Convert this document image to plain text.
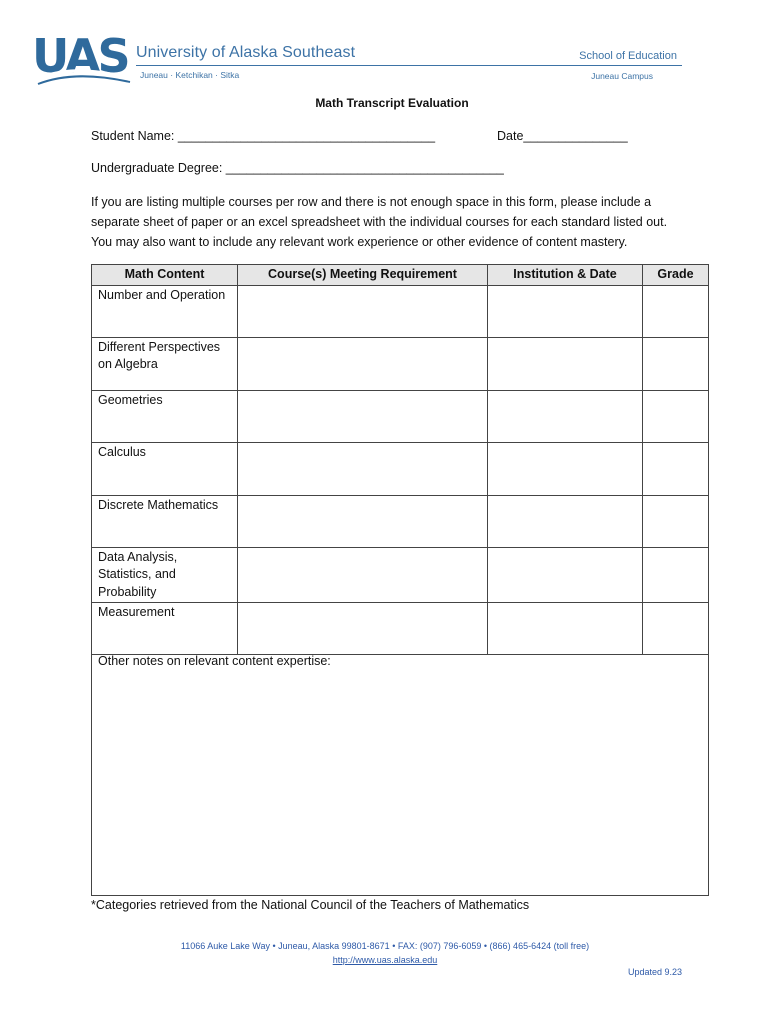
UAS University of Alaska Southeast
Juneau · Ketchikan · Sitka
School of Education
Juneau Campus
Math Transcript Evaluation
Student Name: _____________________________________	Date_______________
Undergraduate Degree: ________________________________________
If you are listing multiple courses per row and there is not enough space in this form, please include a separate sheet of paper or an excel spreadsheet with the individual courses for each standard listed out. You may also want to include any relevant work experience or other evidence of content mastery.
Math Content	Course(s) Meeting Requirement	Institution & Date	Grade
Number and Operation			
Different Perspectives on Algebra			
Geometries			
Calculus			
Discrete Mathematics			
Data Analysis, Statistics, and Probability			
Measurement			
Other notes on relevant content expertise:
*Categories retrieved from the National Council of the Teachers of Mathematics
11066 Auke Lake Way • Juneau, Alaska 99801-8671 • FAX: (907) 796-6059 • (866) 465-6424 (toll free)
http://www.uas.alaska.edu
Updated 9.23
